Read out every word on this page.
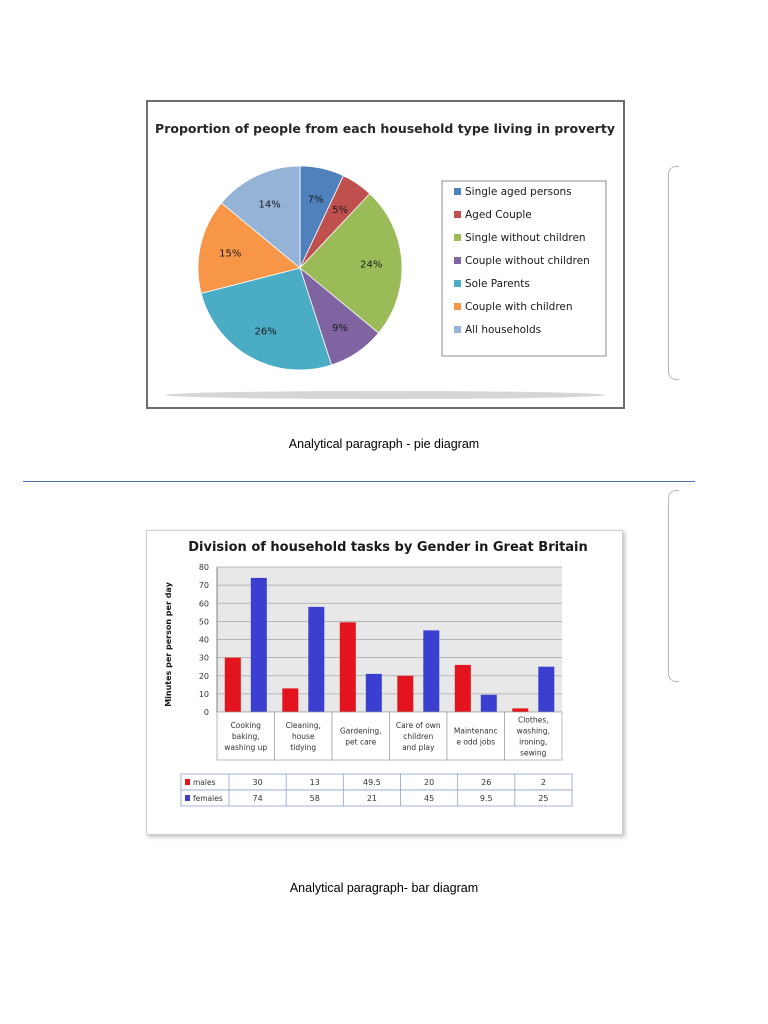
Proportion of people from each household type living in proverty
7%
5%
24%
9%
26%
15%
14%
Single aged persons
Aged Couple
Single without children
Couple without children
Sole Parents
Couple with children
All households
Analytical paragraph - pie diagram
Division of household tasks by Gender in Great Britain
0
10
20
30
40
50
60
70
80
Minutes per person per day
Cooking
baking,
washing up
Cleaning,
house
tidying
Gardening,
pet care
Care of own
children
and play
Maintenanc
e odd jobs
Clothes,
washing,
ironing,
sewing
males	30	13	49.5	20	26	2
females	74	58	21	45	9.5	25
Analytical paragraph- bar diagram
